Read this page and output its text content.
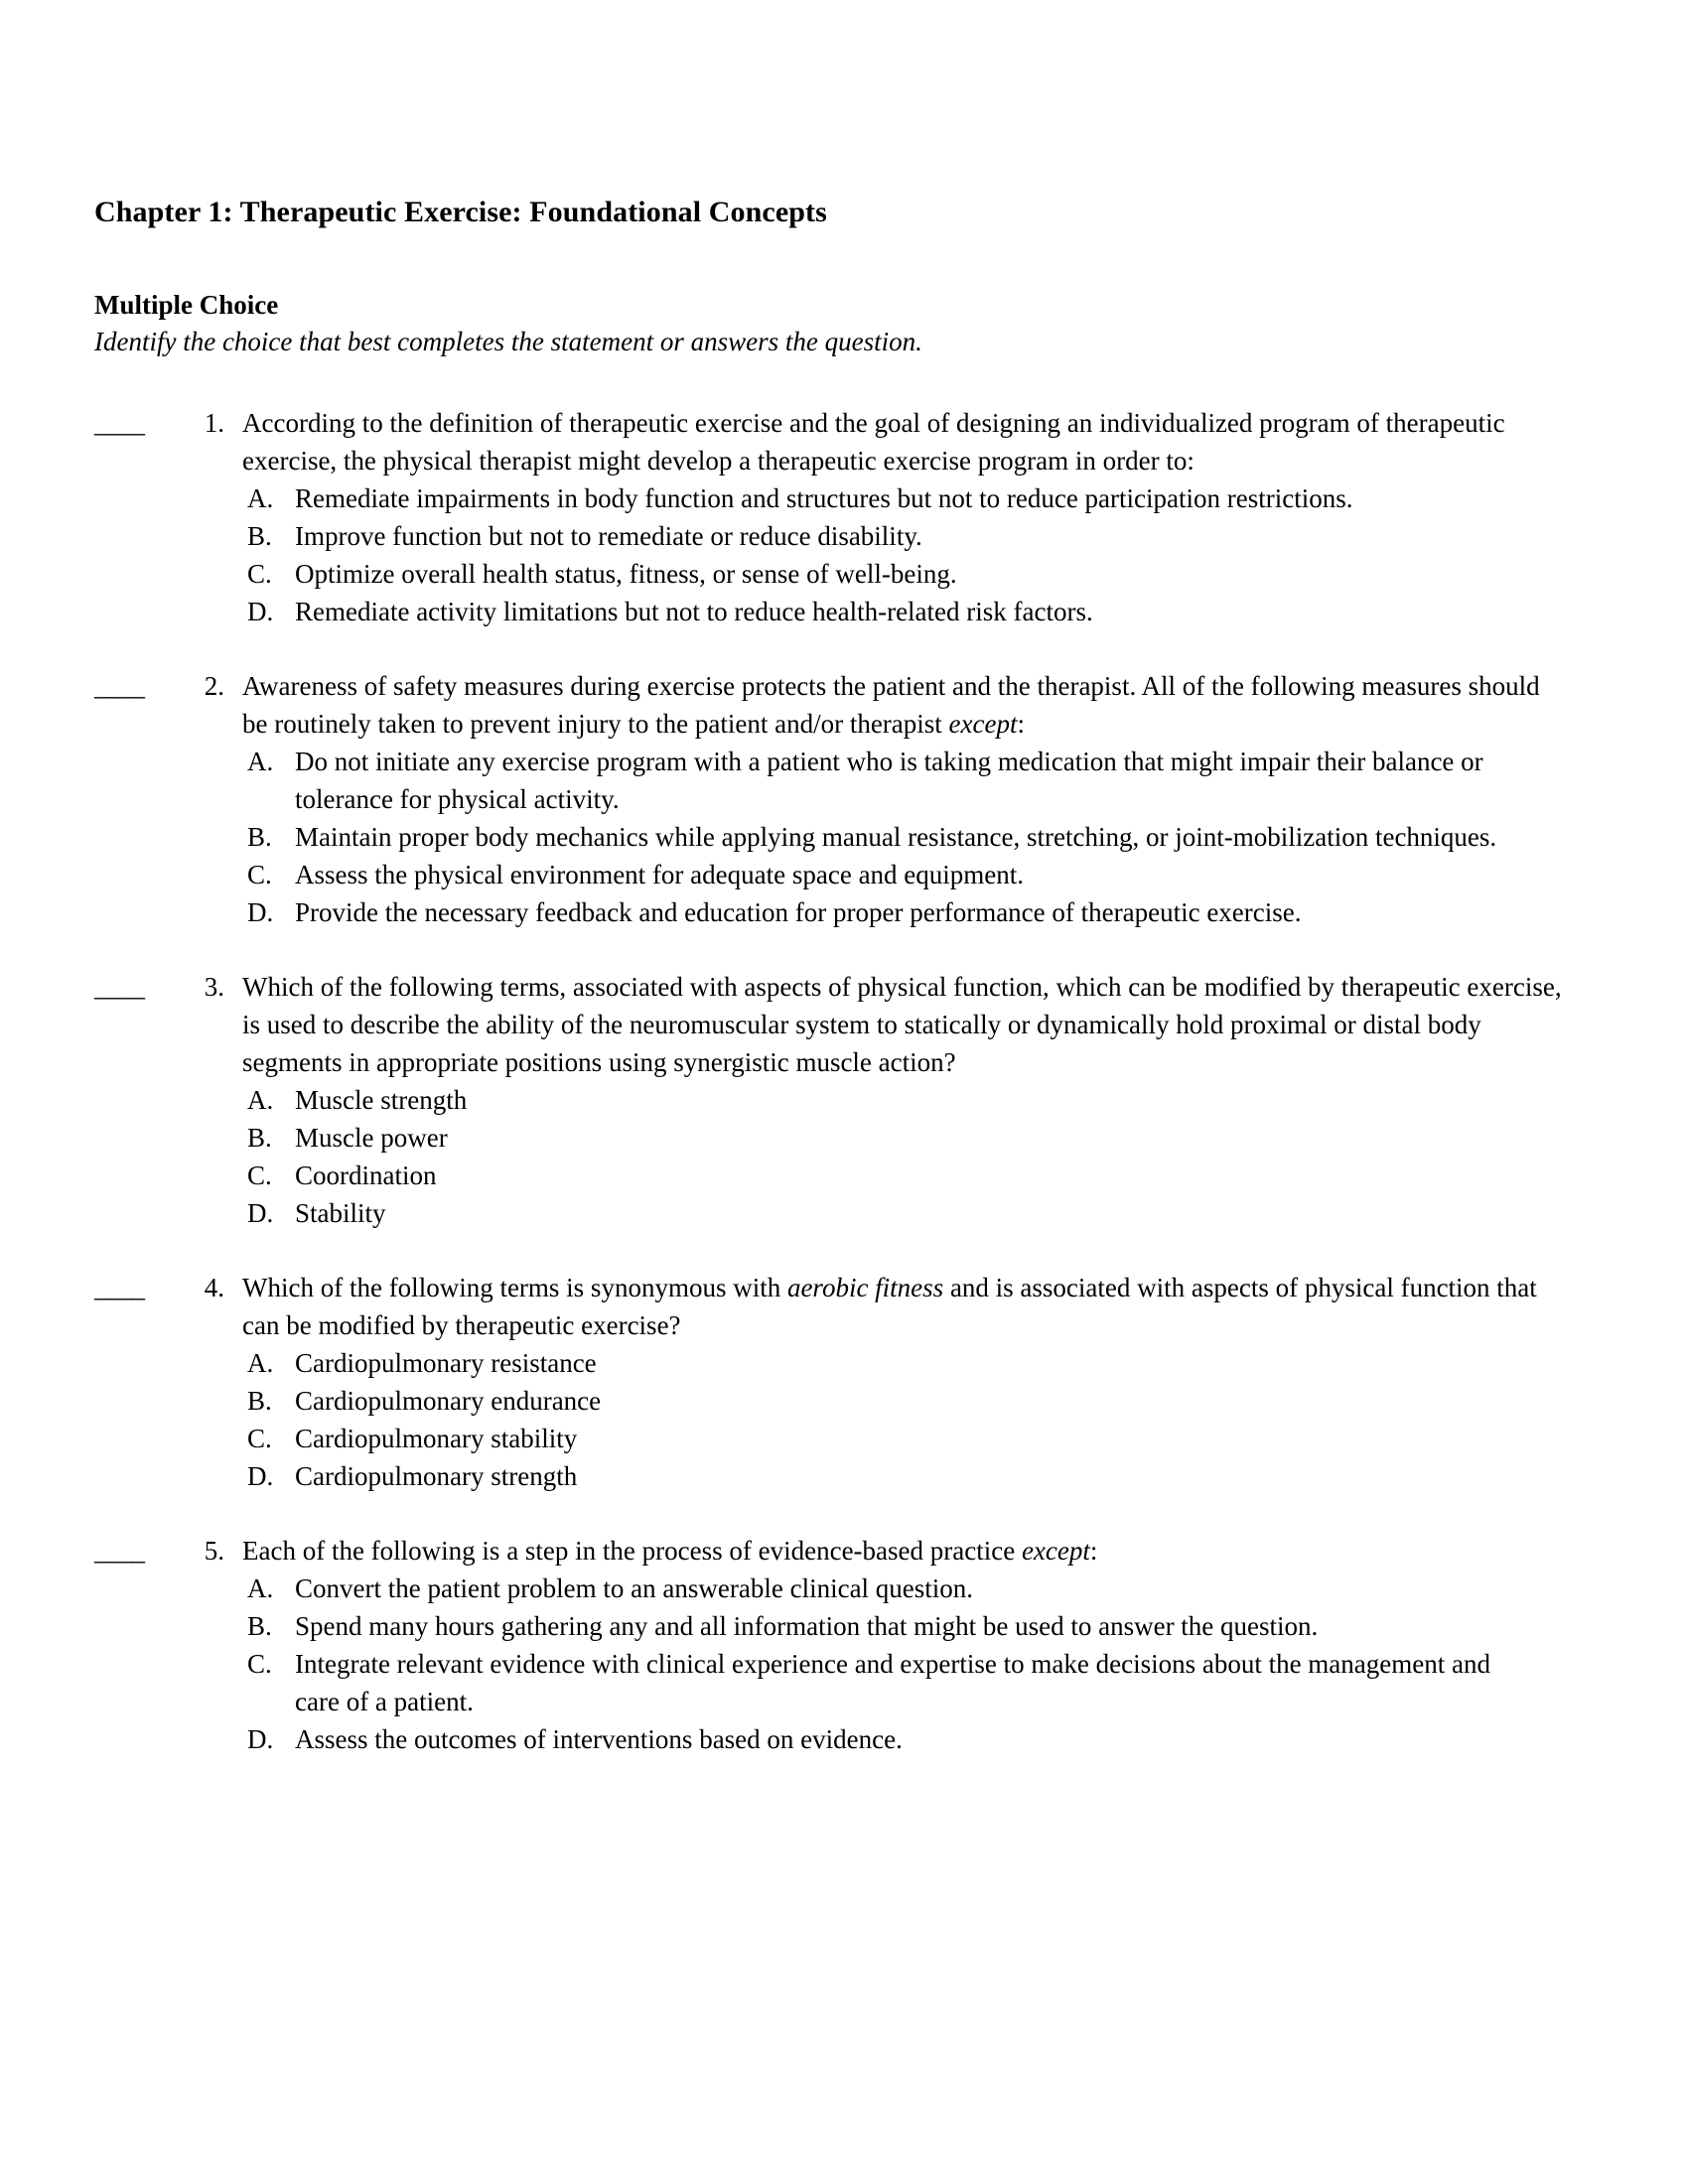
Chapter 1: Therapeutic Exercise: Foundational Concepts
Multiple Choice
Identify the choice that best completes the statement or answers the question.
____	1. According to the definition of therapeutic exercise and the goal of designing an individualized program of therapeutic exercise, the physical therapist might develop a therapeutic exercise program in order to:

A. Remediate impairments in body function and structures but not to reduce participation restrictions.
B. Improve function but not to remediate or reduce disability.
C. Optimize overall health status, fitness, or sense of well-being.
D. Remediate activity limitations but not to reduce health-related risk factors.
____	2. Awareness of safety measures during exercise protects the patient and the therapist. All of the following measures should be routinely taken to prevent injury to the patient and/or therapist except:

A. Do not initiate any exercise program with a patient who is taking medication that might impair their balance or tolerance for physical activity.
B. Maintain proper body mechanics while applying manual resistance, stretching, or joint-mobilization techniques.
C. Assess the physical environment for adequate space and equipment.
D. Provide the necessary feedback and education for proper performance of therapeutic exercise.
____	3. Which of the following terms, associated with aspects of physical function, which can be modified by therapeutic exercise, is used to describe the ability of the neuromuscular system to statically or dynamically hold proximal or distal body segments in appropriate positions using synergistic muscle action?

A. Muscle strength
B. Muscle power
C. Coordination
D. Stability
____	4. Which of the following terms is synonymous with aerobic fitness and is associated with aspects of physical function that can be modified by therapeutic exercise?

A. Cardiopulmonary resistance
B. Cardiopulmonary endurance
C. Cardiopulmonary stability
D. Cardiopulmonary strength
____	5. Each of the following is a step in the process of evidence-based practice except:

A. Convert the patient problem to an answerable clinical question.
B. Spend many hours gathering any and all information that might be used to answer the question.
C. Integrate relevant evidence with clinical experience and expertise to make decisions about the management and care of a patient.
D. Assess the outcomes of interventions based on evidence.
